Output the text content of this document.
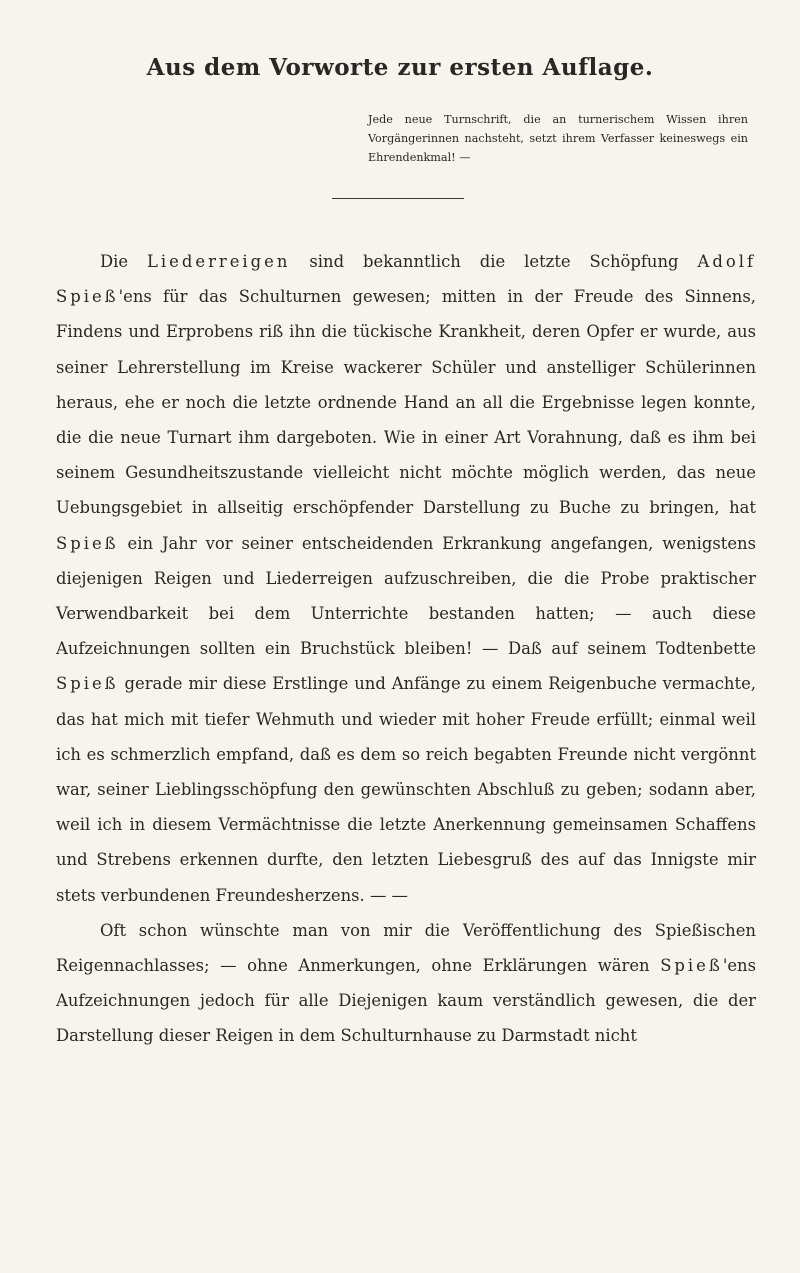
Aus dem Vorworte zur ersten Auflage.
Jede neue Turnschrift, die an turnerischem Wissen ihren Vorgängerinnen nachsteht, setzt ihrem Verfasser keineswegs ein Ehrendenkmal! —

Die Liederreigen sind bekanntlich die letzte Schöpfung Adolf Spieß'ens für das Schulturnen gewesen; mitten in der Freude des Sinnens, Findens und Erprobens riß ihn die tückische Krankheit, deren Opfer er wurde, aus seiner Lehrerstellung im Kreise wackerer Schüler und anstelliger Schülerinnen heraus, ehe er noch die letzte ordnende Hand an all die Ergebnisse legen konnte, die die neue Turnart ihm dargeboten. Wie in einer Art Vorahnung, daß es ihm bei seinem Gesundheitszustande vielleicht nicht möchte möglich werden, das neue Uebungsgebiet in allseitig erschöpfender Darstellung zu Buche zu bringen, hat Spieß ein Jahr vor seiner entscheidenden Erkrankung angefangen, wenigstens diejenigen Reigen und Liederreigen aufzuschreiben, die die Probe praktischer Verwendbarkeit bei dem Unterrichte bestanden hatten; — auch diese Aufzeichnungen sollten ein Bruchstück bleiben! — Daß auf seinem Todtenbette Spieß gerade mir diese Erstlinge und Anfänge zu einem Reigenbuche vermachte, das hat mich mit tiefer Wehmuth und wieder mit hoher Freude erfüllt; einmal weil ich es schmerzlich empfand, daß es dem so reich begabten Freunde nicht vergönnt war, seiner Lieblingsschöpfung den gewünschten Abschluß zu geben; sodann aber, weil ich in diesem Vermächtnisse die letzte Anerkennung gemeinsamen Schaffens und Strebens erkennen durfte, den letzten Liebesgruß des auf das Innigste mir stets verbundenen Freundesherzens. — —

Oft schon wünschte man von mir die Veröffentlichung des Spießischen Reigennachlasses; — ohne Anmerkungen, ohne Erklärungen wären Spieß'ens Aufzeichnungen jedoch für alle Diejenigen kaum verständlich gewesen, die der Darstellung dieser Reigen in dem Schulturnhause zu Darmstadt nicht
